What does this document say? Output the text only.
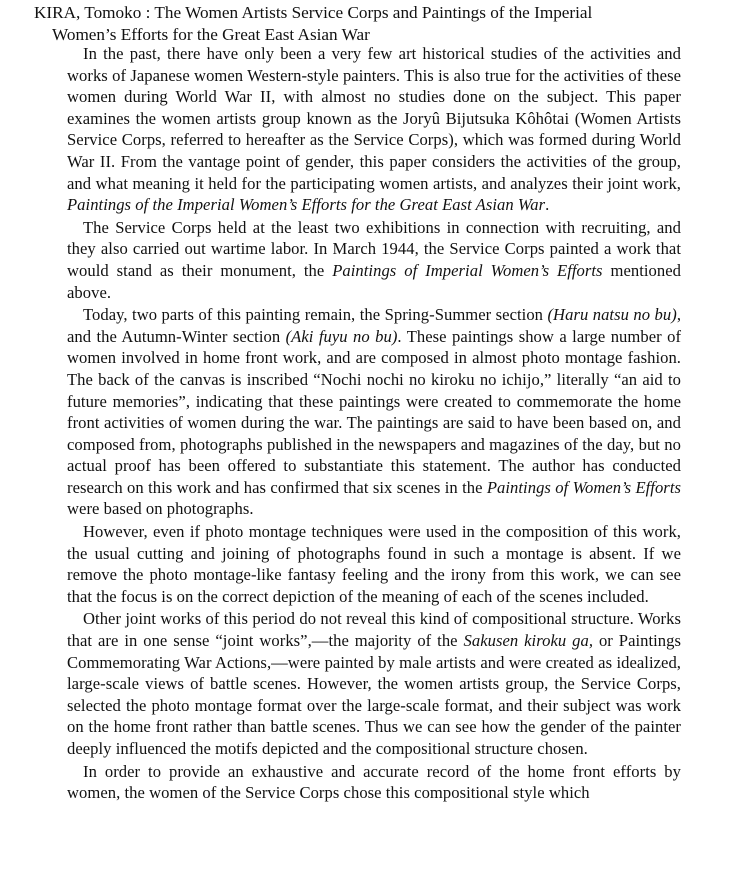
KIRA, Tomoko : The Women Artists Service Corps and Paintings of the Imperial
Women’s Efforts for the Great East Asian War

In the past, there have only been a very few art historical studies of the activities and works of Japanese women Western-style painters. This is also true for the activities of these women during World War II, with almost no studies done on the subject. This paper examines the women artists group known as the Joryû Bijutsuka Kôhôtai (Women Artists Service Corps, referred to hereafter as the Service Corps), which was formed during World War II. From the vantage point of gender, this paper considers the activities of the group, and what meaning it held for the participating women artists, and analyzes their joint work, Paintings of the Imperial Women’s Efforts for the Great East Asian War.

The Service Corps held at the least two exhibitions in connection with recruiting, and they also carried out wartime labor. In March 1944, the Service Corps painted a work that would stand as their monument, the Paintings of Imperial Women’s Efforts mentioned above.

Today, two parts of this painting remain, the Spring-Summer section (Haru natsu no bu), and the Autumn-Winter section (Aki fuyu no bu). These paintings show a large number of women involved in home front work, and are composed in almost photo montage fashion. The back of the canvas is inscribed “Nochi nochi no kiroku no ichijo,” literally “an aid to future memories”, indicating that these paintings were created to commemorate the home front activities of women during the war. The paintings are said to have been based on, and composed from, photographs published in the newspapers and magazines of the day, but no actual proof has been offered to substantiate this statement. The author has conducted research on this work and has confirmed that six scenes in the Paintings of Women’s Efforts were based on photographs.

However, even if photo montage techniques were used in the composition of this work, the usual cutting and joining of photographs found in such a montage is absent. If we remove the photo montage-like fantasy feeling and the irony from this work, we can see that the focus is on the correct depiction of the meaning of each of the scenes included.

Other joint works of this period do not reveal this kind of compositional structure. Works that are in one sense “joint works”,—the majority of the Sakusen kiroku ga, or Paintings Commemorating War Actions,—were painted by male artists and were created as idealized, large-scale views of battle scenes. However, the women artists group, the Service Corps, selected the photo montage format over the large-scale format, and their subject was work on the home front rather than battle scenes. Thus we can see how the gender of the painter deeply influenced the motifs depicted and the compositional structure chosen.

In order to provide an exhaustive and accurate record of the home front efforts by women, the women of the Service Corps chose this compositional style which
